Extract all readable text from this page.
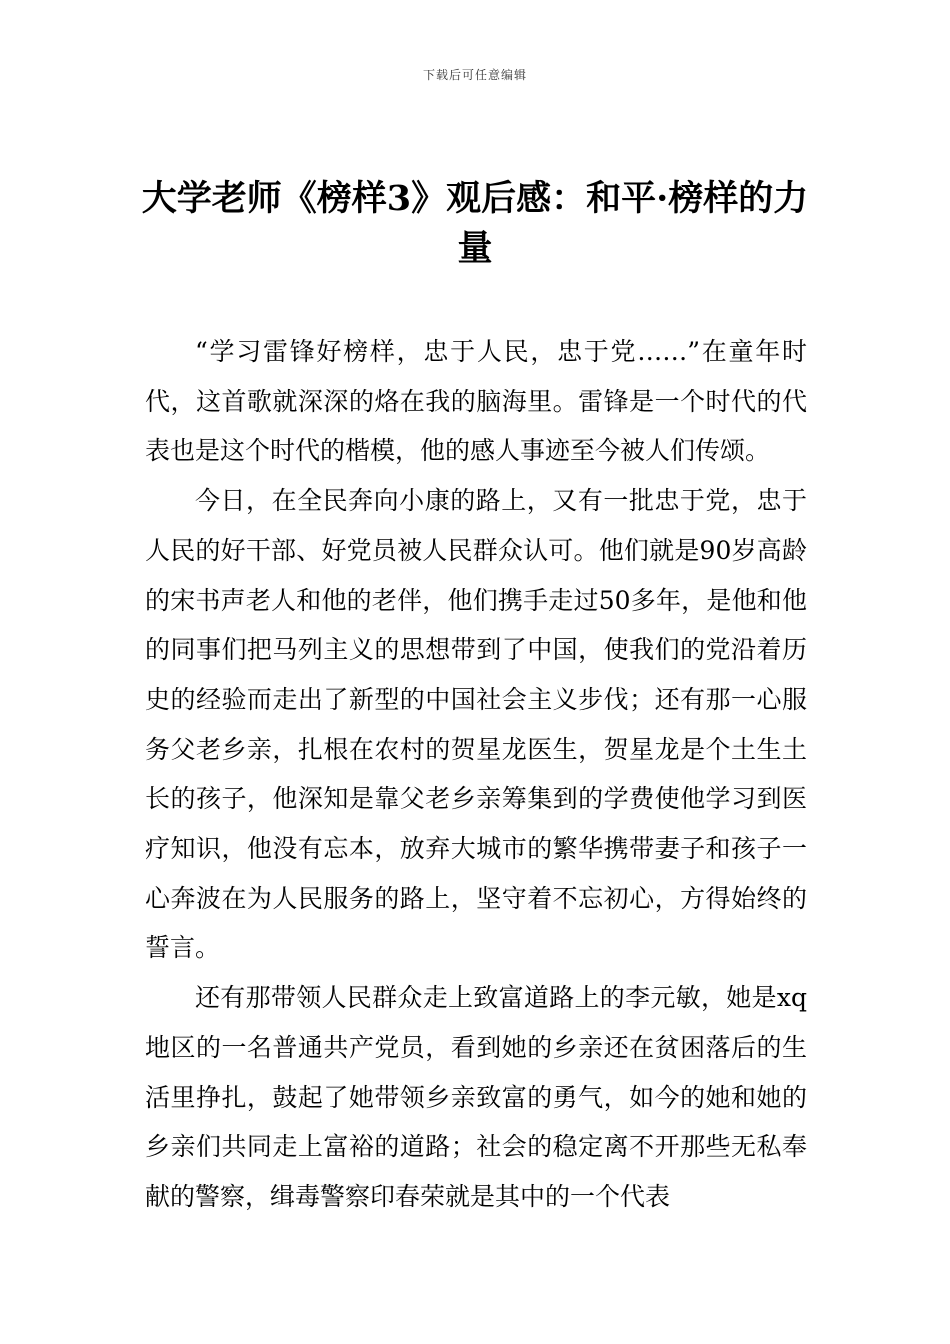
下载后可任意编辑
大学老师《榜样3》观后感：和平·榜样的力量

“学习雷锋好榜样，忠于人民，忠于党……”在童年时代，这首歌就深深的烙在我的脑海里。雷锋是一个时代的代表也是这个时代的楷模，他的感人事迹至今被人们传颂。

今日，在全民奔向小康的路上，又有一批忠于党，忠于人民的好干部、好党员被人民群众认可。他们就是90岁高龄的宋书声老人和他的老伴，他们携手走过50多年，是他和他的同事们把马列主义的思想带到了中国，使我们的党沿着历史的经验而走出了新型的中国社会主义步伐；还有那一心服务父老乡亲，扎根在农村的贺星龙医生，贺星龙是个土生土长的孩子，他深知是靠父老乡亲筹集到的学费使他学习到医疗知识，他没有忘本，放弃大城市的繁华携带妻子和孩子一心奔波在为人民服务的路上，坚守着不忘初心，方得始终的誓言。

还有那带领人民群众走上致富道路上的李元敏，她是xq地区的一名普通共产党员，看到她的乡亲还在贫困落后的生活里挣扎，鼓起了她带领乡亲致富的勇气，如今的她和她的乡亲们共同走上富裕的道路；社会的稳定离不开那些无私奉献的警察，缉毒警察印春荣就是其中的一个代表
